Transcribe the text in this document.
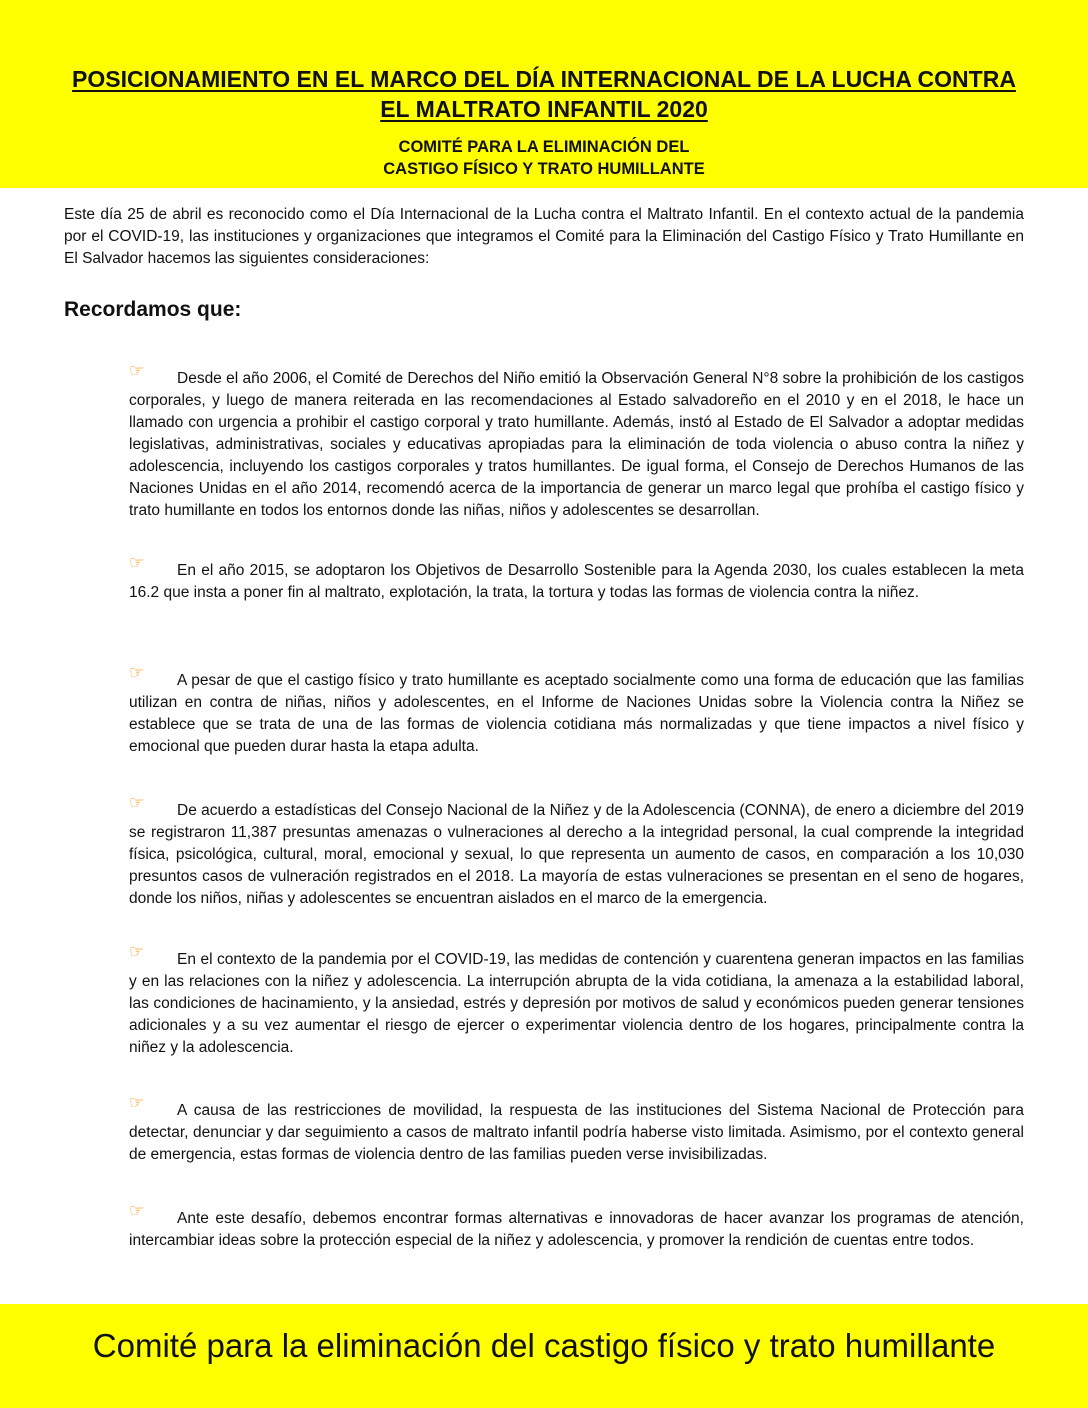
POSICIONAMIENTO EN EL MARCO DEL DÍA INTERNACIONAL DE LA LUCHA CONTRA EL MALTRATO INFANTIL 2020
COMITÉ PARA LA ELIMINACIÓN DEL
CASTIGO FÍSICO Y TRATO HUMILLANTE
Este día 25 de abril es reconocido como el Día Internacional de la Lucha contra el Maltrato Infantil. En el contexto actual de la pandemia por el COVID-19, las instituciones y organizaciones que integramos el Comité para la Eliminación del Castigo Físico y Trato Humillante en El Salvador hacemos las siguientes consideraciones:
Recordamos que:
☞ Desde el año 2006, el Comité de Derechos del Niño emitió la Observación General N°8 sobre la prohibición de los castigos corporales, y luego de manera reiterada en las recomendaciones al Estado salvadoreño en el 2010 y en el 2018, le hace un llamado con urgencia a prohibir el castigo corporal y trato humillante. Además, instó al Estado de El Salvador a adoptar medidas legislativas, administrativas, sociales y educativas apropiadas para la eliminación de toda violencia o abuso contra la niñez y adolescencia, incluyendo los castigos corporales y tratos humillantes. De igual forma, el Consejo de Derechos Humanos de las Naciones Unidas en el año 2014, recomendó acerca de la importancia de generar un marco legal que prohíba el castigo físico y trato humillante en todos los entornos donde las niñas, niños y adolescentes se desarrollan.
☞ En el año 2015, se adoptaron los Objetivos de Desarrollo Sostenible para la Agenda 2030, los cuales establecen la meta 16.2 que insta a poner fin al maltrato, explotación, la trata, la tortura y todas las formas de violencia contra la niñez.
☞ A pesar de que el castigo físico y trato humillante es aceptado socialmente como una forma de educación que las familias utilizan en contra de niñas, niños y adolescentes, en el Informe de Naciones Unidas sobre la Violencia contra la Niñez se establece que se trata de una de las formas de violencia cotidiana más normalizadas y que tiene impactos a nivel físico y emocional que pueden durar hasta la etapa adulta.
☞ De acuerdo a estadísticas del Consejo Nacional de la Niñez y de la Adolescencia (CONNA), de enero a diciembre del 2019 se registraron 11,387 presuntas amenazas o vulneraciones al derecho a la integridad personal, la cual comprende la integridad física, psicológica, cultural, moral, emocional y sexual, lo que representa un aumento de casos, en comparación a los 10,030 presuntos casos de vulneración registrados en el 2018. La mayoría de estas vulneraciones se presentan en el seno de hogares, donde los niños, niñas y adolescentes se encuentran aislados en el marco de la emergencia.
☞ En el contexto de la pandemia por el COVID-19, las medidas de contención y cuarentena generan impactos en las familias y en las relaciones con la niñez y adolescencia. La interrupción abrupta de la vida cotidiana, la amenaza a la estabilidad laboral, las condiciones de hacinamiento, y la ansiedad, estrés y depresión por motivos de salud y económicos pueden generar tensiones adicionales y a su vez aumentar el riesgo de ejercer o experimentar violencia dentro de los hogares, principalmente contra la niñez y la adolescencia.
☞ A causa de las restricciones de movilidad, la respuesta de las instituciones del Sistema Nacional de Protección para detectar, denunciar y dar seguimiento a casos de maltrato infantil podría haberse visto limitada. Asimismo, por el contexto general de emergencia, estas formas de violencia dentro de las familias pueden verse invisibilizadas.
☞ Ante este desafío, debemos encontrar formas alternativas e innovadoras de hacer avanzar los programas de atención, intercambiar ideas sobre la protección especial de la niñez y adolescencia, y promover la rendición de cuentas entre todos.
Comité para la eliminación del castigo físico y trato humillante
